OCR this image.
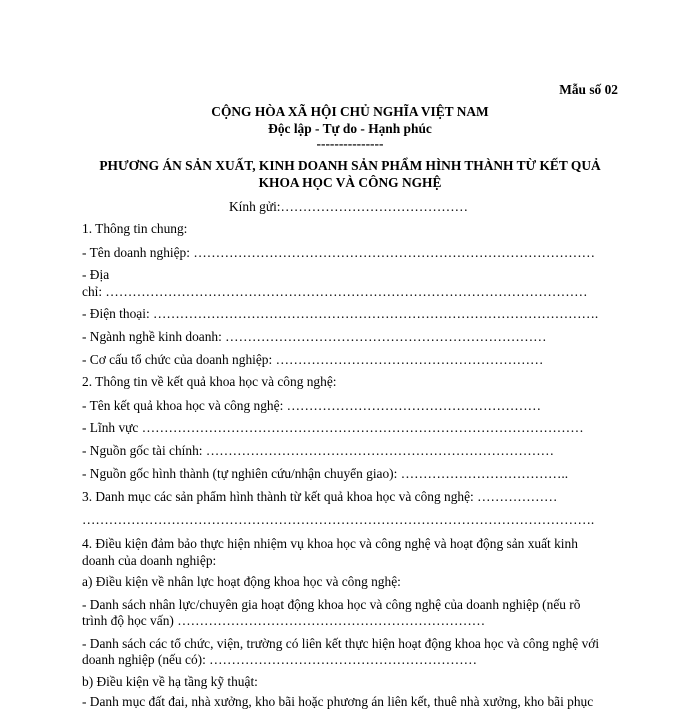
Mẫu số 02
CỘNG HÒA XÃ HỘI CHỦ NGHĨA VIỆT NAM
Độc lập - Tự do - Hạnh phúc
---------------
PHƯƠNG ÁN SẢN XUẤT, KINH DOANH SẢN PHẨM HÌNH THÀNH TỪ KẾT QUẢ
KHOA HỌC VÀ CÔNG NGHỆ
Kính gửi:……………………………………
1. Thông tin chung:
- Tên doanh nghiệp: ………………………………………………………………………………
- Địa
chỉ: ………………………………………………………………………………………………
- Điện thoại: ……………………………………………………………………………………….
- Ngành nghề kinh doanh: ………………………………………………………………
- Cơ cấu tổ chức của doanh nghiệp: ……………………………………………………
2. Thông tin về kết quả khoa học và công nghệ:
- Tên kết quả khoa học và công nghệ: …………………………………………………
- Lĩnh vực ………………………………………………………………………………………
- Nguồn gốc tài chính: ……………………………………………………………………
- Nguồn gốc hình thành (tự nghiên cứu/nhận chuyển giao): ………………………………..
3. Danh mục các sản phẩm hình thành từ kết quả khoa học và công nghệ: ………………
…………………………………………………………………………………………………….
4. Điều kiện đảm bảo thực hiện nhiệm vụ khoa học và công nghệ và hoạt động sản xuất kinh
doanh của doanh nghiệp:
a) Điều kiện về nhân lực hoạt động khoa học và công nghệ:
- Danh sách nhân lực/chuyên gia hoạt động khoa học và công nghệ của doanh nghiệp (nếu rõ
trình độ học vấn) ……………………………………………………………
- Danh sách các tổ chức, viện, trường có liên kết thực hiện hoạt động khoa học và công nghệ với
doanh nghiệp (nếu có): ……………………………………………………
b) Điều kiện về hạ tầng kỹ thuật:
- Danh mục đất đai, nhà xưởng, kho bãi hoặc phương án liên kết, thuê nhà xưởng, kho bãi phục
